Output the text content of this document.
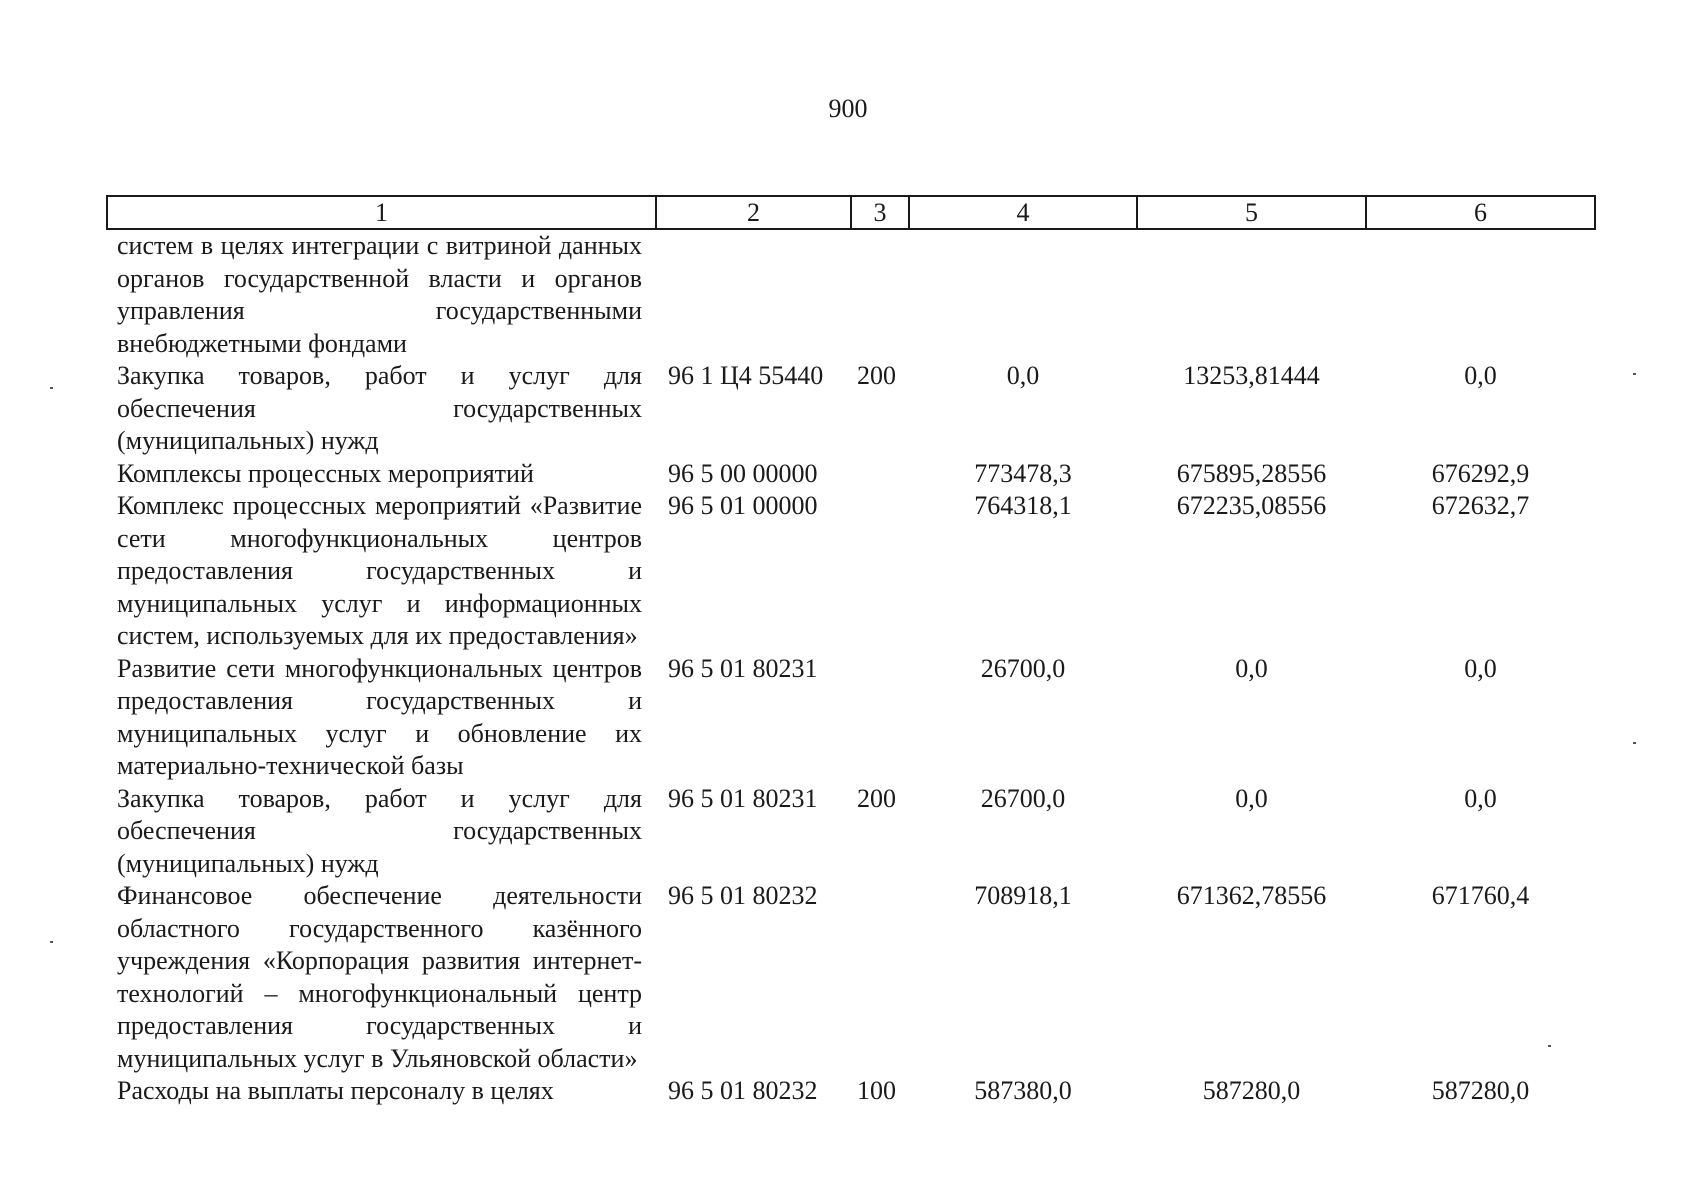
900
1	2	3	4	5	6
систем в целях интеграции с витриной данных органов государственной власти и органов управления государственными внебюджетными фондами					
Закупка товаров, работ и услуг для обеспечения государственных (муниципальных) нужд	96 1 Ц4 55440	200	0,0	13253,81444	0,0
Комплексы процессных мероприятий	96 5 00 00000		773478,3	675895,28556	676292,9
Комплекс процессных мероприятий «Развитие сети многофункциональных центров предоставления государственных и муниципальных услуг и информационных систем, используемых для их предоставления»	96 5 01 00000		764318,1	672235,08556	672632,7
Развитие сети многофункциональных центров предоставления государственных и муниципальных услуг и обновление их материально-технической базы	96 5 01 80231		26700,0	0,0	0,0
Закупка товаров, работ и услуг для обеспечения государственных (муниципальных) нужд	96 5 01 80231	200	26700,0	0,0	0,0
Финансовое обеспечение деятельности областного государственного казённого учреждения «Корпорация развития интернет-технологий – многофункциональный центр предоставления государственных и муниципальных услуг в Ульяновской области»	96 5 01 80232		708918,1	671362,78556	671760,4
Расходы на выплаты персоналу в целях	96 5 01 80232	100	587380,0	587280,0	587280,0
